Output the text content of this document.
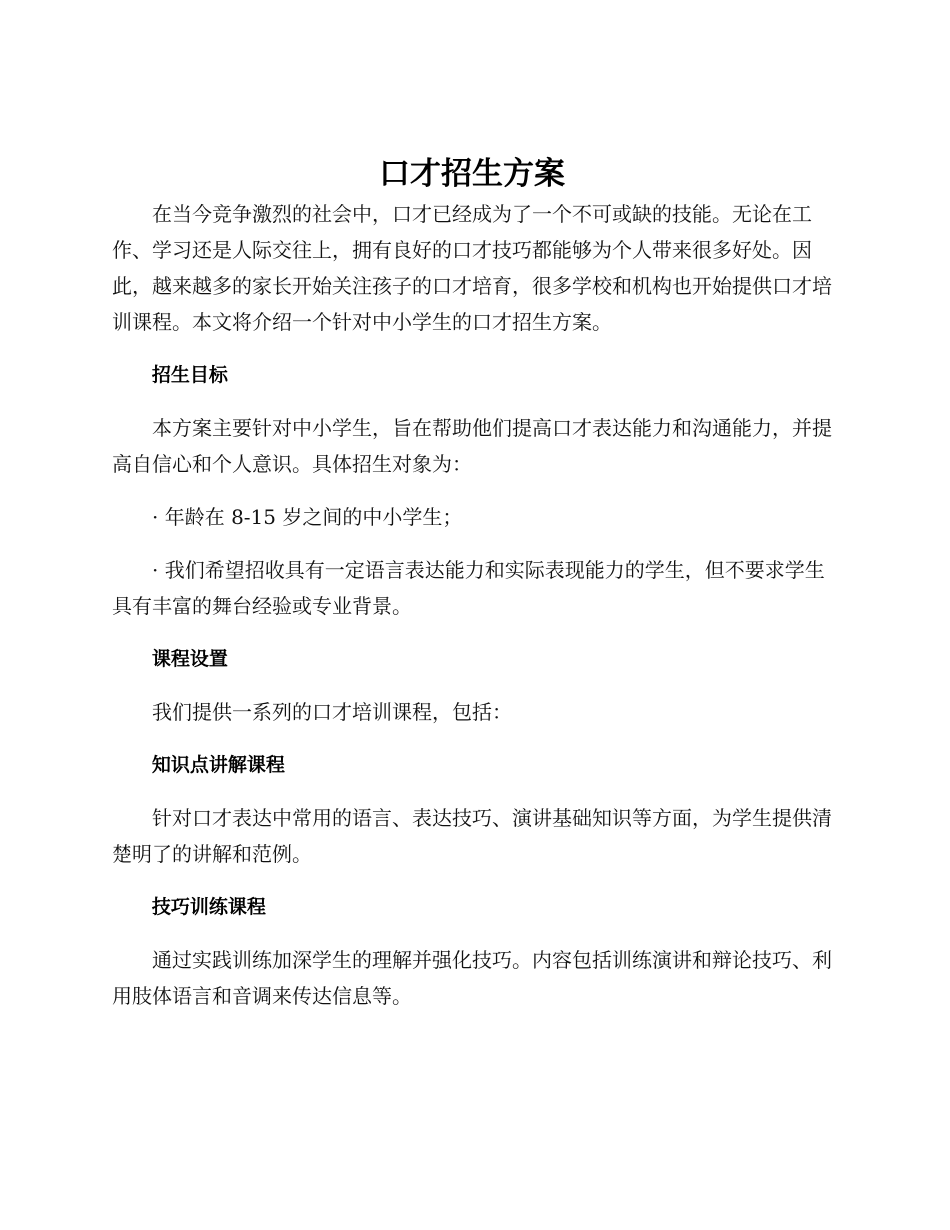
口才招生方案

在当今竞争激烈的社会中，口才已经成为了一个不可或缺的技能。无论在工作、学习还是人际交往上，拥有良好的口才技巧都能够为个人带来很多好处。因此，越来越多的家长开始关注孩子的口才培育，很多学校和机构也开始提供口才培训课程。本文将介绍一个针对中小学生的口才招生方案。

招生目标

本方案主要针对中小学生，旨在帮助他们提高口才表达能力和沟通能力，并提高自信心和个人意识。具体招生对象为：

· 年龄在 8-15 岁之间的中小学生；

· 我们希望招收具有一定语言表达能力和实际表现能力的学生，但不要求学生具有丰富的舞台经验或专业背景。

课程设置

我们提供一系列的口才培训课程，包括：

知识点讲解课程

针对口才表达中常用的语言、表达技巧、演讲基础知识等方面，为学生提供清楚明了的讲解和范例。

技巧训练课程

通过实践训练加深学生的理解并强化技巧。内容包括训练演讲和辩论技巧、利用肢体语言和音调来传达信息等。
